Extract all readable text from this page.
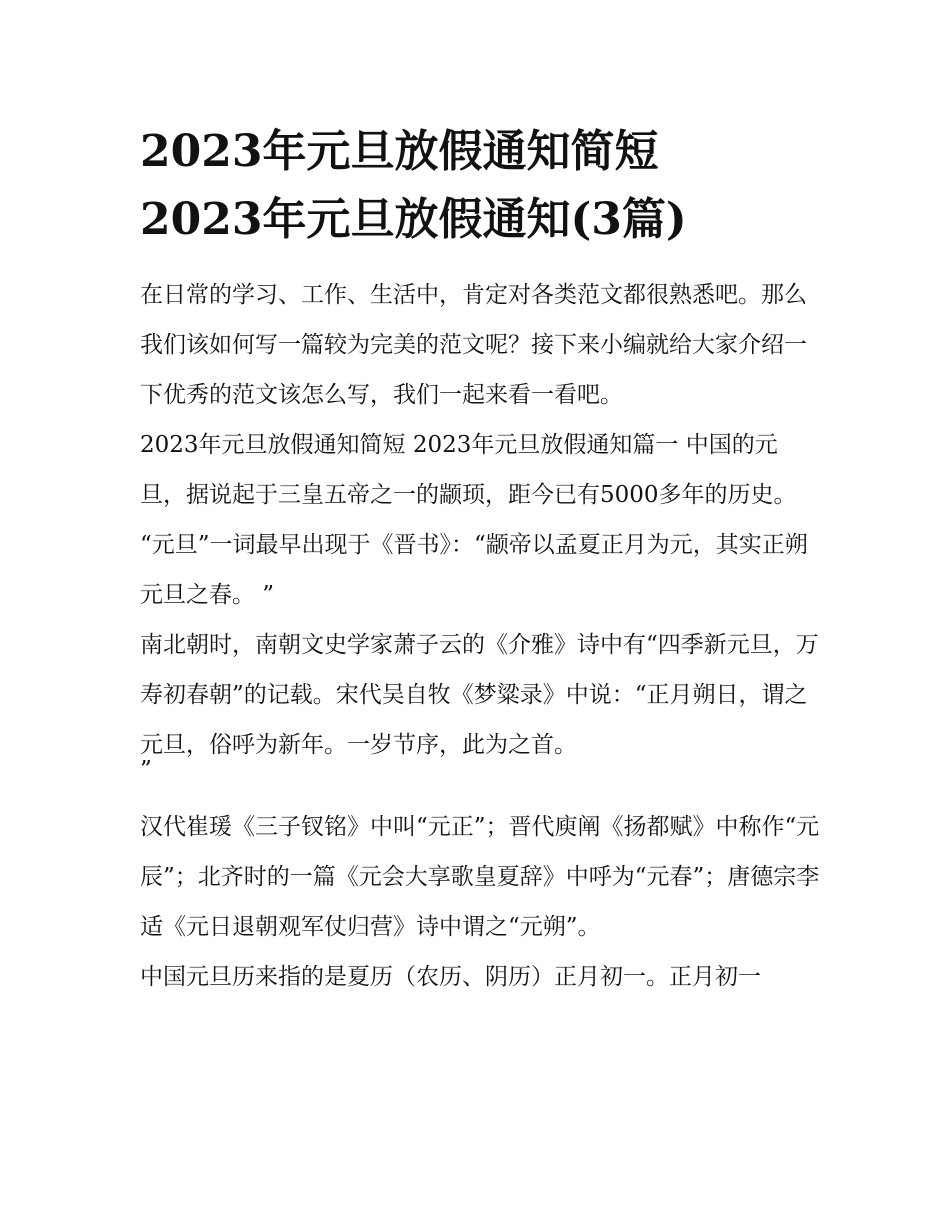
2023年元旦放假通知简短
2023年元旦放假通知(3篇)

在日常的学习、工作、生活中，肯定对各类范文都很熟悉吧。那么我们该如何写一篇较为完美的范文呢？接下来小编就给大家介绍一下优秀的范文该怎么写，我们一起来看一看吧。

2023年元旦放假通知简短 2023年元旦放假通知篇一 中国的元旦，据说起于三皇五帝之一的颛顼，距今已有5000多年的历史。

“元旦”一词最早出现于《晋书》：“颛帝以孟夏正月为元，其实正朔元旦之春。 ”

南北朝时，南朝文史学家萧子云的《介雅》诗中有“四季新元旦，万寿初春朝”的记载。宋代吴自牧《梦粱录》中说：“正月朔日，谓之元旦，俗呼为新年。一岁节序，此为之首。

”

汉代崔瑗《三子钗铭》中叫“元正”；晋代庾阐《扬都赋》中称作“元辰”；北齐时的一篇《元会大享歌皇夏辞》中呼为“元春”；唐德宗李适《元日退朝观军仗归营》诗中谓之“元朔”。

中国元旦历来指的是夏历（农历、阴历）正月初一。正月初一
